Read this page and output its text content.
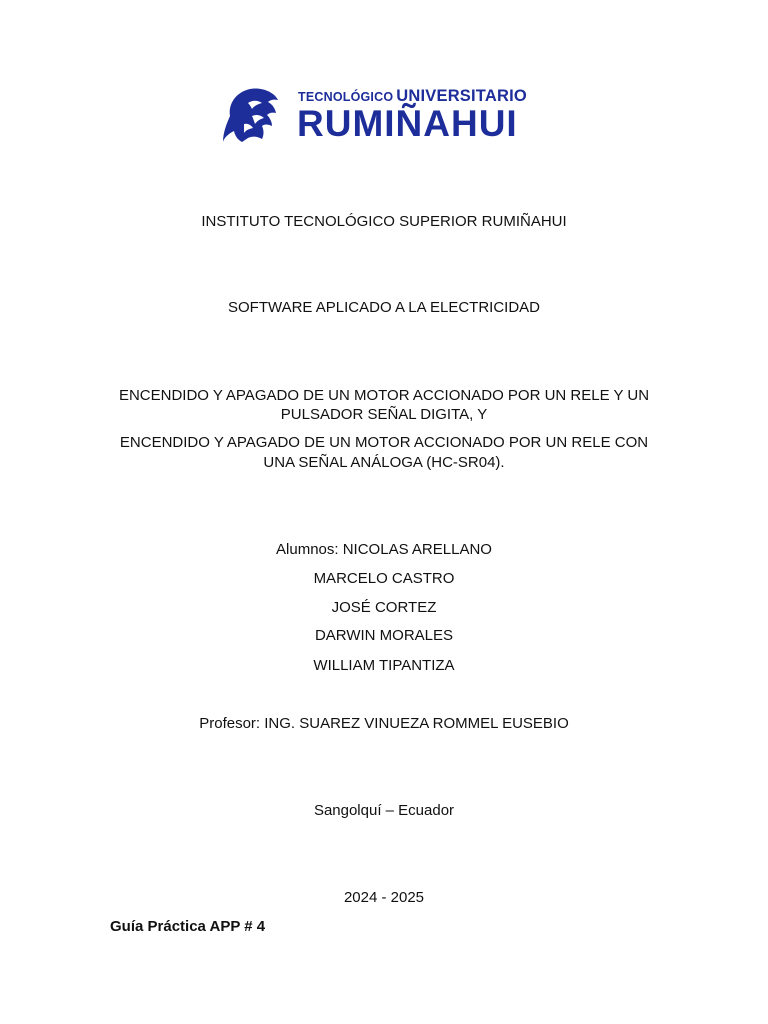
TECNOLÓGICO UNIVERSITARIO
RUMIÑAHUI
INSTITUTO TECNOLÓGICO SUPERIOR RUMIÑAHUI
SOFTWARE APLICADO A LA ELECTRICIDAD
ENCENDIDO Y APAGADO DE UN MOTOR ACCIONADO POR UN RELE Y UN
PULSADOR SEÑAL DIGITA, Y
ENCENDIDO Y APAGADO DE UN MOTOR ACCIONADO POR UN RELE CON
UNA SEÑAL ANÁLOGA (HC-SR04).
Alumnos: NICOLAS ARELLANO
MARCELO CASTRO
JOSÉ CORTEZ
DARWIN MORALES
WILLIAM TIPANTIZA
Profesor: ING. SUAREZ VINUEZA ROMMEL EUSEBIO
Sangolquí – Ecuador
2024 - 2025
Guía Práctica APP # 4
